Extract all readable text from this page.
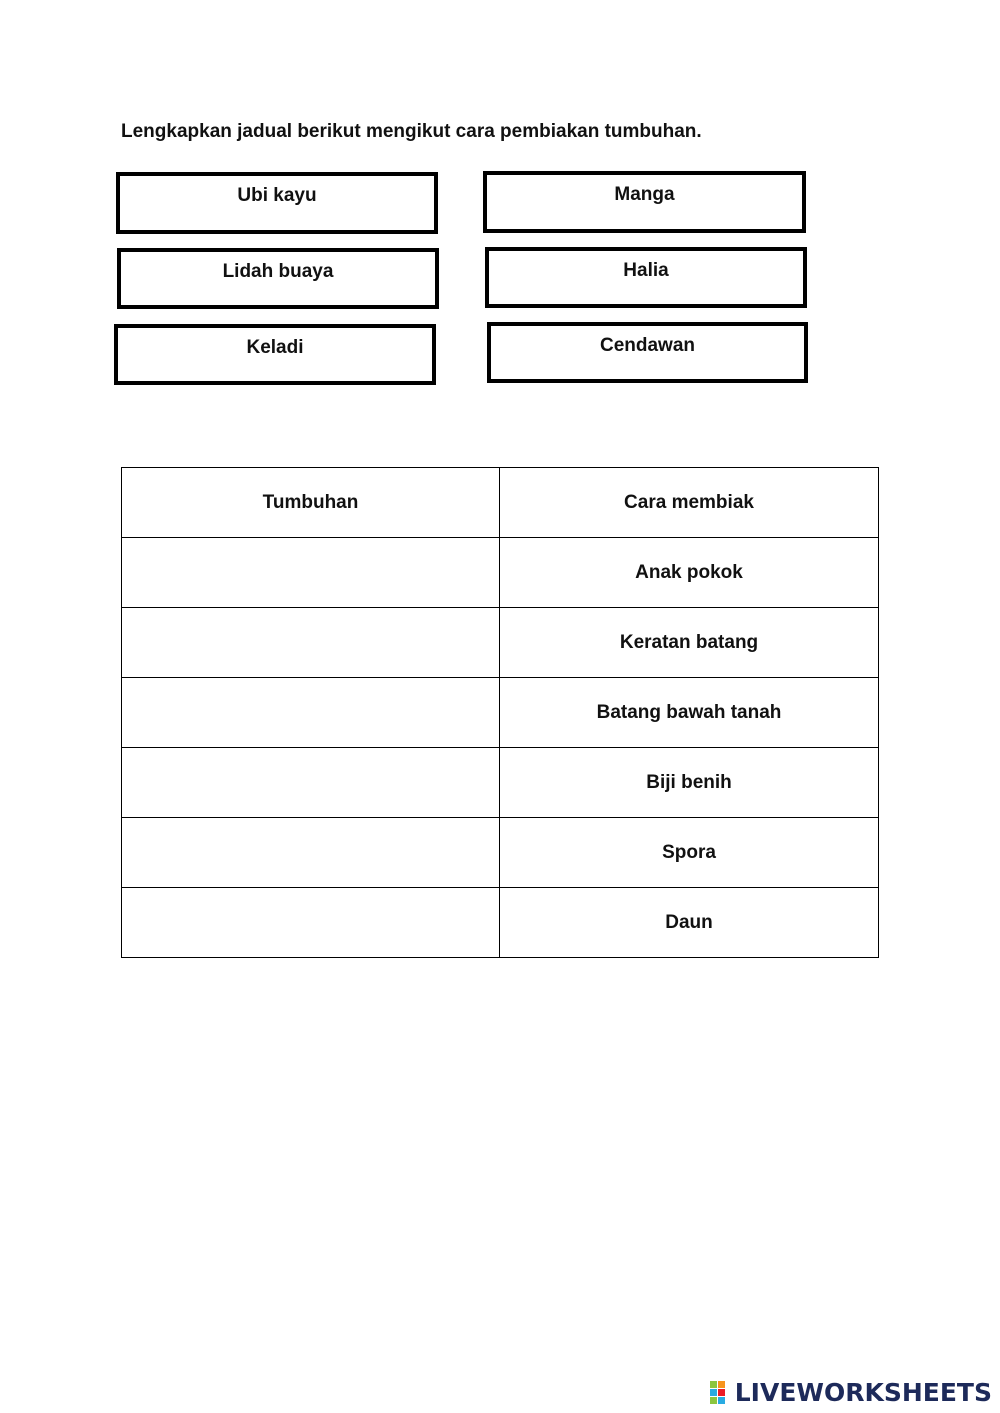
Lengkapkan jadual berikut mengikut cara pembiakan tumbuhan.
Ubi kayu	Manga
Lidah buaya	Halia
Keladi	Cendawan
Tumbuhan	Cara membiak
	Anak pokok
	Keratan batang
	Batang bawah tanah
	Biji benih
	Spora
	Daun
LIVEWORKSHEETS
